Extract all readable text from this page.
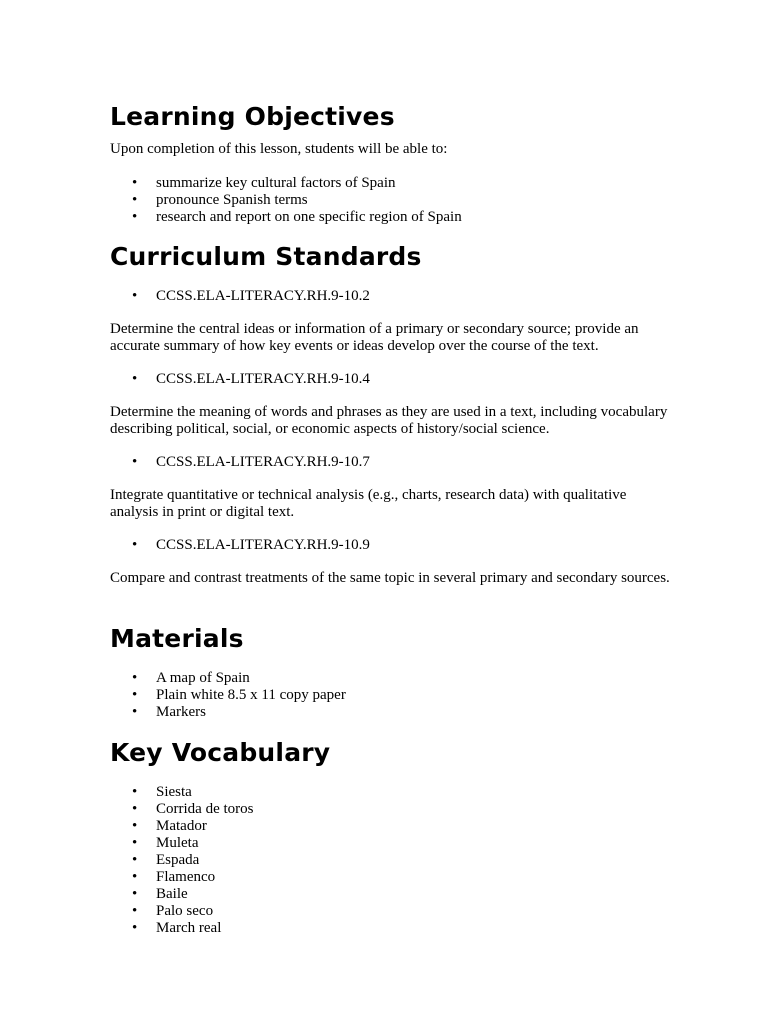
Learning Objectives

Upon completion of this lesson, students will be able to:

• summarize key cultural factors of Spain
• pronounce Spanish terms
• research and report on one specific region of Spain
Curriculum Standards
• CCSS.ELA-LITERACY.RH.9-10.2

Determine the central ideas or information of a primary or secondary source; provide an accurate summary of how key events or ideas develop over the course of the text.

• CCSS.ELA-LITERACY.RH.9-10.4

Determine the meaning of words and phrases as they are used in a text, including vocabulary describing political, social, or economic aspects of history/social science.

• CCSS.ELA-LITERACY.RH.9-10.7

Integrate quantitative or technical analysis (e.g., charts, research data) with qualitative analysis in print or digital text.

• CCSS.ELA-LITERACY.RH.9-10.9

Compare and contrast treatments of the same topic in several primary and secondary sources.

Materials
• A map of Spain
• Plain white 8.5 x 11 copy paper
• Markers
Key Vocabulary
• Siesta
• Corrida de toros
• Matador
• Muleta
• Espada
• Flamenco
• Baile
• Palo seco
• March real
